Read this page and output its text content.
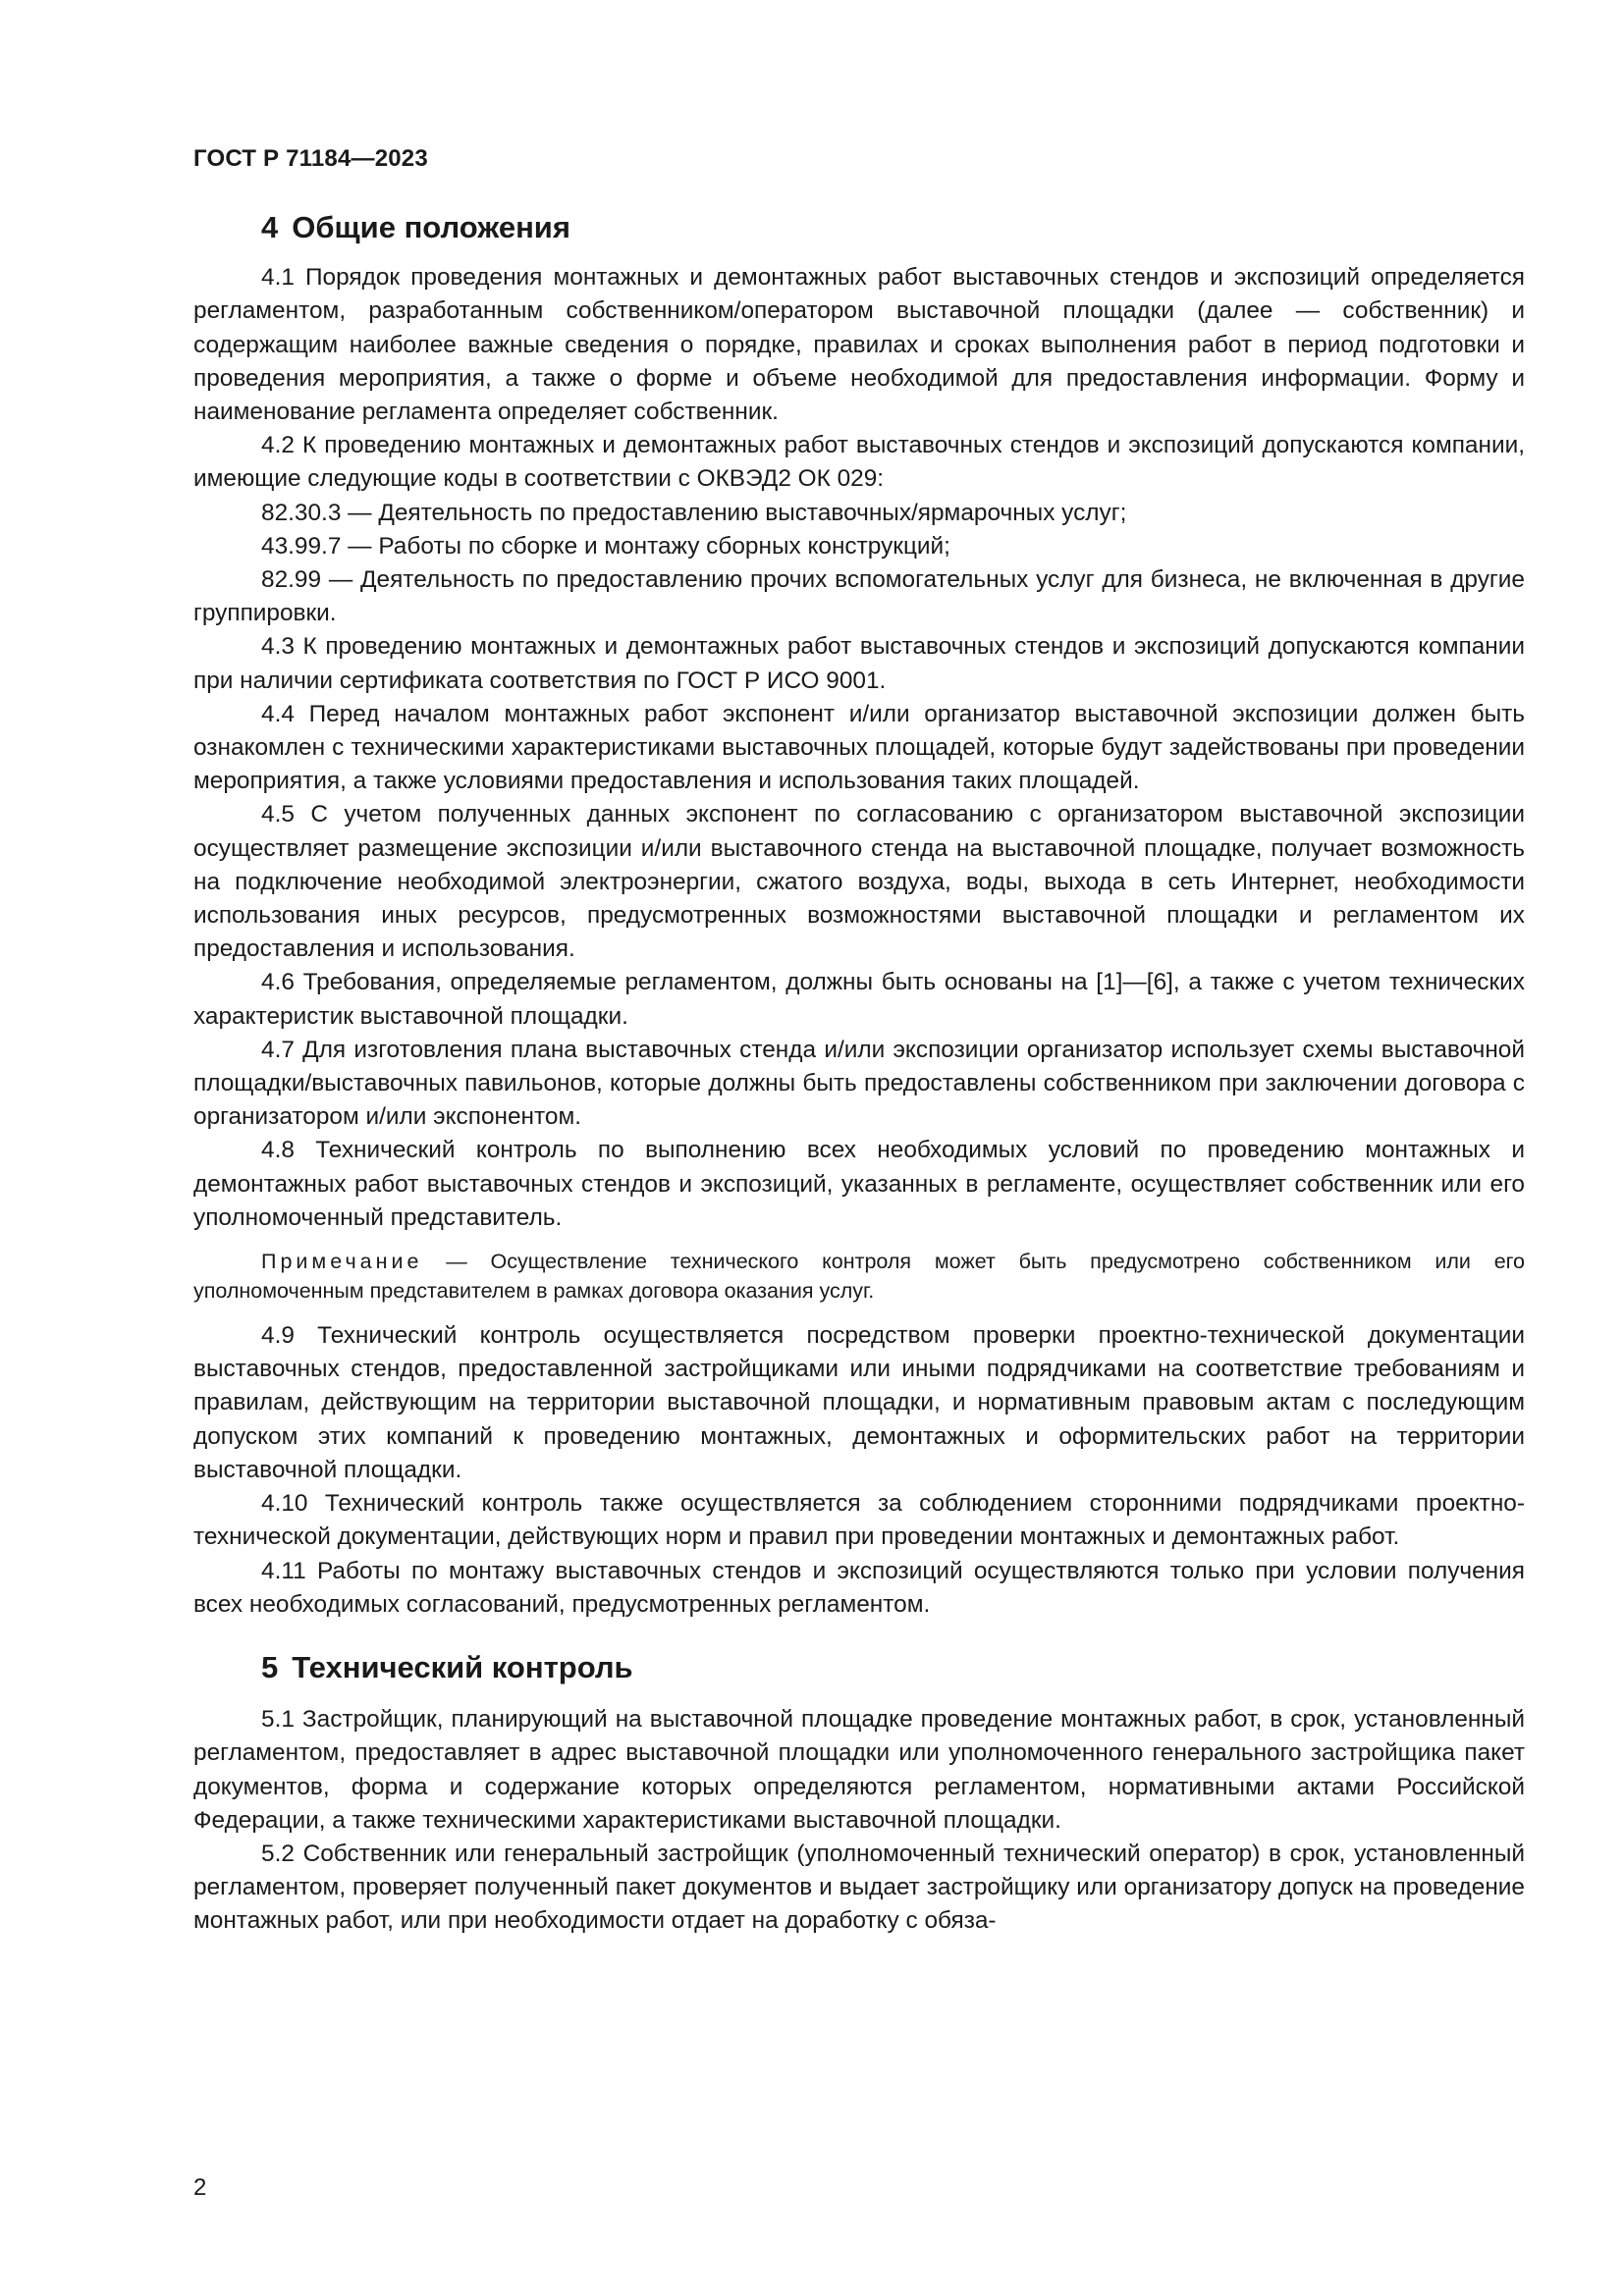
ГОСТ Р 71184—2023
4 Общие положения

4.1 Порядок проведения монтажных и демонтажных работ выставочных стендов и экспозиций определяется регламентом, разработанным собственником/оператором выставочной площадки (далее — собственник) и содержащим наиболее важные сведения о порядке, правилах и сроках выполнения работ в период подготовки и проведения мероприятия, а также о форме и объеме необходимой для предоставления информации. Форму и наименование регламента определяет собственник.

4.2 К проведению монтажных и демонтажных работ выставочных стендов и экспозиций допускаются компании, имеющие следующие коды в соответствии с ОКВЭД2 ОК 029:

82.30.3 — Деятельность по предоставлению выставочных/ярмарочных услуг;

43.99.7 — Работы по сборке и монтажу сборных конструкций;

82.99 — Деятельность по предоставлению прочих вспомогательных услуг для бизнеса, не включенная в другие группировки.

4.3 К проведению монтажных и демонтажных работ выставочных стендов и экспозиций допускаются компании при наличии сертификата соответствия по ГОСТ Р ИСО 9001.

4.4 Перед началом монтажных работ экспонент и/или организатор выставочной экспозиции должен быть ознакомлен с техническими характеристиками выставочных площадей, которые будут задействованы при проведении мероприятия, а также условиями предоставления и использования таких площадей.

4.5 С учетом полученных данных экспонент по согласованию с организатором выставочной экспозиции осуществляет размещение экспозиции и/или выставочного стенда на выставочной площадке, получает возможность на подключение необходимой электроэнергии, сжатого воздуха, воды, выхода в сеть Интернет, необходимости использования иных ресурсов, предусмотренных возможностями выставочной площадки и регламентом их предоставления и использования.

4.6 Требования, определяемые регламентом, должны быть основаны на [1]—[6], а также с учетом технических характеристик выставочной площадки.

4.7 Для изготовления плана выставочных стенда и/или экспозиции организатор использует схемы выставочной площадки/выставочных павильонов, которые должны быть предоставлены собственником при заключении договора с организатором и/или экспонентом.

4.8 Технический контроль по выполнению всех необходимых условий по проведению монтажных и демонтажных работ выставочных стендов и экспозиций, указанных в регламенте, осуществляет собственник или его уполномоченный представитель.

Примечание — Осуществление технического контроля может быть предусмотрено собственником или его уполномоченным представителем в рамках договора оказания услуг.

4.9 Технический контроль осуществляется посредством проверки проектно-технической документации выставочных стендов, предоставленной застройщиками или иными подрядчиками на соответствие требованиям и правилам, действующим на территории выставочной площадки, и нормативным правовым актам с последующим допуском этих компаний к проведению монтажных, демонтажных и оформительских работ на территории выставочной площадки.

4.10 Технический контроль также осуществляется за соблюдением сторонними подрядчиками проектно-технической документации, действующих норм и правил при проведении монтажных и демонтажных работ.

4.11 Работы по монтажу выставочных стендов и экспозиций осуществляются только при условии получения всех необходимых согласований, предусмотренных регламентом.

5 Технический контроль

5.1 Застройщик, планирующий на выставочной площадке проведение монтажных работ, в срок, установленный регламентом, предоставляет в адрес выставочной площадки или уполномоченного генерального застройщика пакет документов, форма и содержание которых определяются регламентом, нормативными актами Российской Федерации, а также техническими характеристиками выставочной площадки.

5.2 Собственник или генеральный застройщик (уполномоченный технический оператор) в срок, установленный регламентом, проверяет полученный пакет документов и выдает застройщику или организатору допуск на проведение монтажных работ, или при необходимости отдает на доработку с обяза-

2
